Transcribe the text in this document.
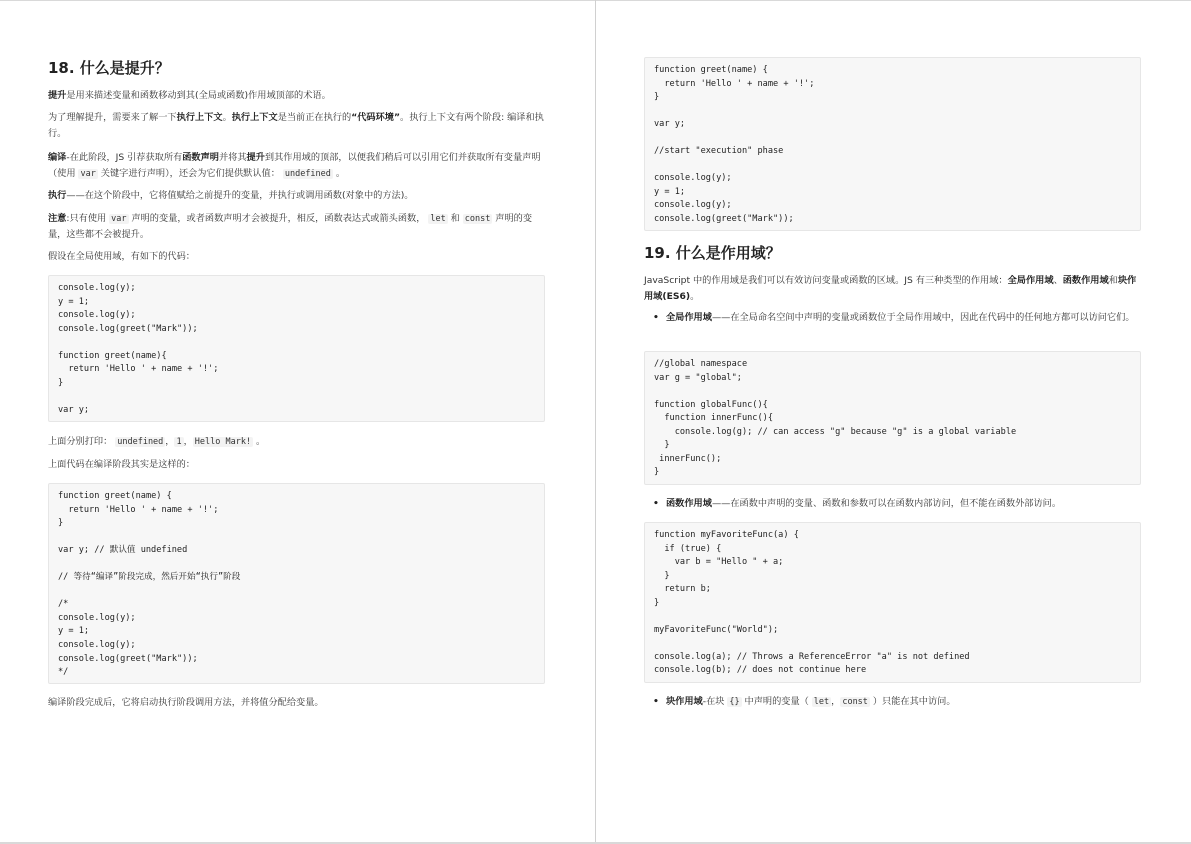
18. 什么是提升？

提升是用来描述变量和函数移动到其(全局或函数)作用域顶部的术语。

为了理解提升，需要来了解一下执行上下文。执行上下文是当前正在执行的“代码环境”。执行上下文有两个阶段: 编译和执行。

编译-在此阶段，JS 引荐获取所有函数声明并将其提升到其作用域的顶部，以便我们稍后可以引用它们并获取所有变量声明（使用 var 关键字进行声明），还会为它们提供默认值： undefined 。

执行——在这个阶段中，它将值赋给之前提升的变量，并执行或调用函数(对象中的方法)。

注意:只有使用 var 声明的变量，或者函数声明才会被提升，相反，函数表达式或箭头函数， let 和 const 声明的变量，这些都不会被提升。

假设在全局使用域，有如下的代码：

console.log(y);
y = 1;
console.log(y);
console.log(greet("Mark"));

function greet(name){
return 'Hello ' + name + '!';
}

var y;

上面分别打印： undefined ， 1 ， Hello Mark! 。

上面代码在编译阶段其实是这样的：

function greet(name) {
return 'Hello ' + name + '!';
}

var y; // 默认值 undefined

// 等待“编译”阶段完成，然后开始“执行”阶段

/*
console.log(y);
y = 1;
console.log(y);
console.log(greet("Mark"));
*/

编译阶段完成后，它将启动执行阶段调用方法，并将值分配给变量。

function greet(name) {
return 'Hello ' + name + '!';
}

var y;

//start "execution" phase

console.log(y);
y = 1;
console.log(y);
console.log(greet("Mark"));
19. 什么是作用域？

JavaScript 中的作用域是我们可以有效访问变量或函数的区域。JS 有三种类型的作用域：全局作用域、函数作用域和块作用域(ES6)。

• 全局作用域——在全局命名空间中声明的变量或函数位于全局作用域中，因此在代码中的任何地方都可以访问它们。
//global namespace
var g = "global";

function globalFunc(){
function innerFunc(){
console.log(g); // can access "g" because "g" is a global variable
}
innerFunc();
}
• 函数作用域——在函数中声明的变量、函数和参数可以在函数内部访问，但不能在函数外部访问。
function myFavoriteFunc(a) {
if (true) {
var b = "Hello " + a;
}
return b;
}

myFavoriteFunc("World");

console.log(a); // Throws a ReferenceError "a" is not defined
console.log(b); // does not continue here
• 块作用域-在块 {} 中声明的变量（ let ， const ）只能在其中访问。
